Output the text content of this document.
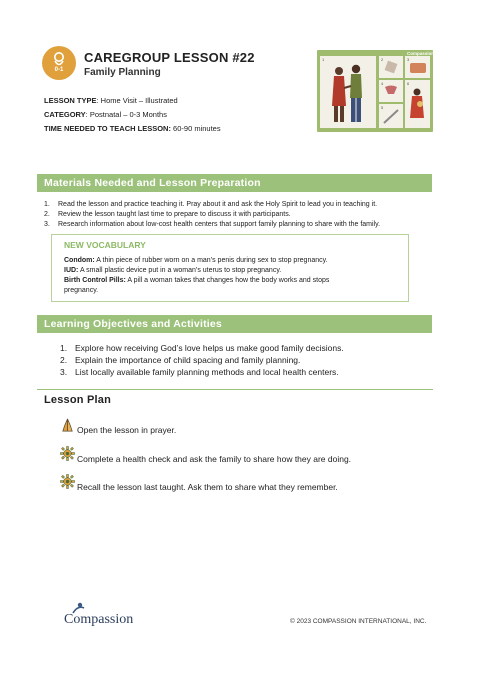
0-1
CAREGROUP LESSON #22
Family Planning
LESSON TYPE: Home Visit – Illustrated
CATEGORY: Postnatal – 0-3 Months
TIME NEEDED TO TEACH LESSON: 60-90 minutes
1	2	3
4
5
6
Compassion
Materials Needed and Lesson Preparation
1. Read the lesson and practice teaching it. Pray about it and ask the Holy Spirit to lead you in teaching it.
2. Review the lesson taught last time to prepare to discuss it with participants.
3. Research information about low-cost health centers that support family planning to share with the family.
NEW VOCABULARY
Condom: A thin piece of rubber worn on a man’s penis during sex to stop pregnancy.
IUD: A small plastic device put in a woman’s uterus to stop pregnancy.
Birth Control Pills: A pill a woman takes that changes how the body works and stops
pregnancy.
Learning Objectives and Activities
1. Explore how receiving God’s love helps us make good family decisions.
2. Explain the importance of child spacing and family planning.
3. List locally available family planning methods and local health centers.
Lesson Plan
Open the lesson in prayer.
Complete a health check and ask the family to share how they are doing.
Recall the lesson last taught. Ask them to share what they remember.
Compassion	© 2023 COMPASSION INTERNATIONAL, INC.
